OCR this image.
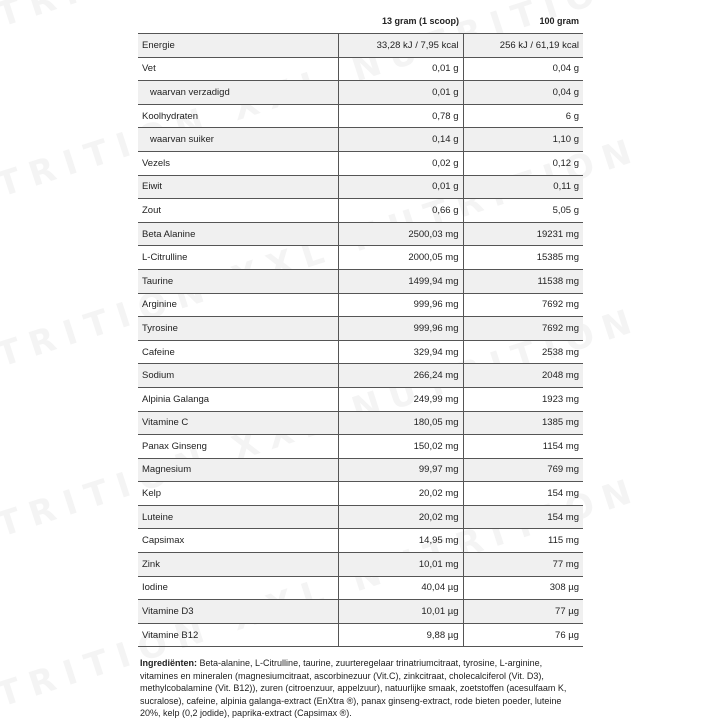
	13 gram (1 scoop)	100 gram
Energie	33,28 kJ / 7,95 kcal	256 kJ / 61,19 kcal
Vet	0,01 g	0,04 g
waarvan verzadigd	0,01 g	0,04 g
Koolhydraten	0,78 g	6 g
waarvan suiker	0,14 g	1,10 g
Vezels	0,02 g	0,12 g
Eiwit	0,01 g	0,11 g
Zout	0,66 g	5,05 g
Beta Alanine	2500,03 mg	19231 mg
L-Citrulline	2000,05 mg	15385 mg
Taurine	1499,94 mg	11538 mg
Arginine	999,96 mg	7692 mg
Tyrosine	999,96 mg	7692 mg
Cafeine	329,94 mg	2538 mg
Sodium	266,24 mg	2048 mg
Alpinia Galanga	249,99 mg	1923 mg
Vitamine C	180,05 mg	1385 mg
Panax Ginseng	150,02 mg	1154 mg
Magnesium	99,97 mg	769 mg
Kelp	20,02 mg	154 mg
Luteine	20,02 mg	154 mg
Capsimax	14,95 mg	115 mg
Zink	10,01 mg	77 mg
Iodine	40,04 µg	308 µg
Vitamine D3	10,01 µg	77 µg
Vitamine B12	9,88 µg	76 µg
Ingrediënten: Beta-alanine, L-Citrulline, taurine, zuurteregelaar trinatriumcitraat, tyrosine, L-arginine, vitamines en mineralen (magnesiumcitraat, ascorbinezuur (Vit.C), zinkcitraat, cholecalciferol (Vit. D3), methylcobalamine (Vit. B12)), zuren (citroenzuur, appelzuur), natuurlijke smaak, zoetstoffen (acesulfaam K, sucralose), cafeine, alpinia galanga-extract (EnXtra ®), panax ginseng-extract, rode bieten poeder, luteine 20%, kelp (0,2 jodide), paprika-extract (Capsimax ®).
